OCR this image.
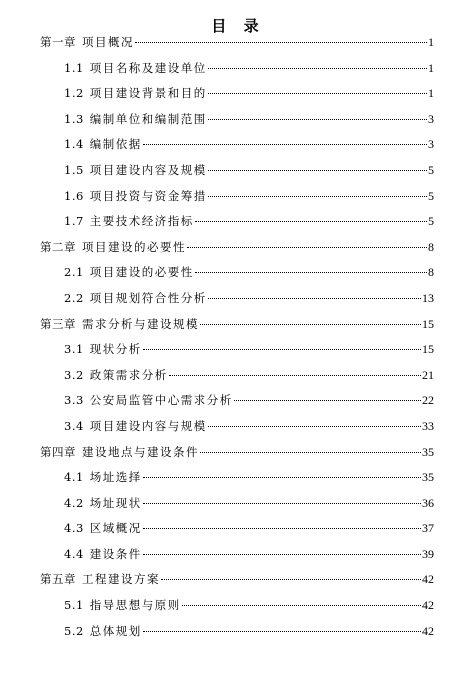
目 录
第一章 项目概况	1
1.1 项目名称及建设单位	1
1.2 项目建设背景和目的	1
1.3 编制单位和编制范围	3
1.4 编制依据	3
1.5 项目建设内容及规模	5
1.6 项目投资与资金筹措	5
1.7 主要技术经济指标	5
第二章 项目建设的必要性	8
2.1 项目建设的必要性	8
2.2 项目规划符合性分析	13
第三章 需求分析与建设规模	15
3.1 现状分析	15
3.2 政策需求分析	21
3.3 公安局监管中心需求分析	22
3.4 项目建设内容与规模	33
第四章 建设地点与建设条件	35
4.1 场址选择	35
4.2 场址现状	36
4.3 区域概况	37
4.4 建设条件	39
第五章 工程建设方案	42
5.1 指导思想与原则	42
5.2 总体规划	42
